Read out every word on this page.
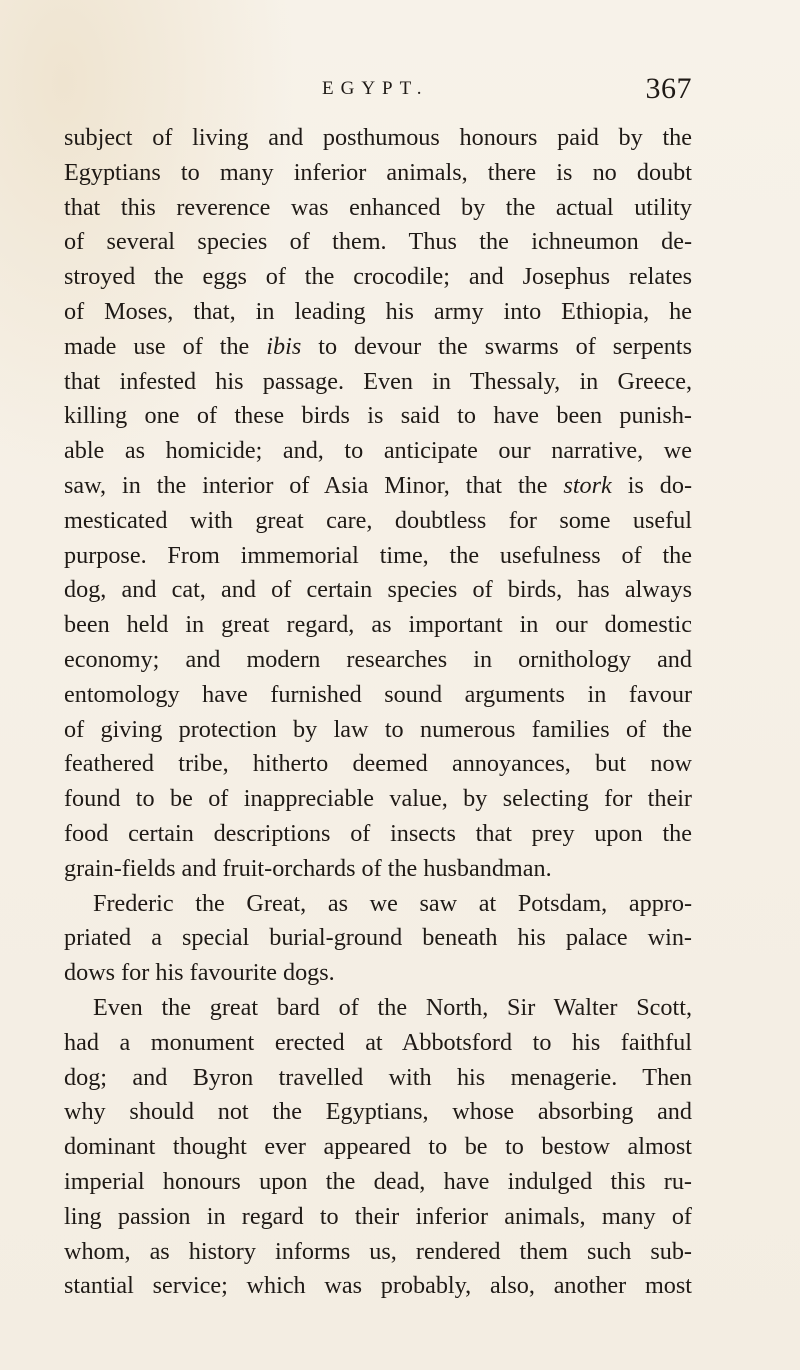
EGYPT.	367
subject of living and posthumous honours paid by the
Egyptians to many inferior animals, there is no doubt
that this reverence was enhanced by the actual utility
of several species of them. Thus the ichneumon de-
stroyed the eggs of the crocodile; and Josephus relates
of Moses, that, in leading his army into Ethiopia, he
made use of the ibis to devour the swarms of serpents
that infested his passage. Even in Thessaly, in Greece,
killing one of these birds is said to have been punish-
able as homicide; and, to anticipate our narrative, we
saw, in the interior of Asia Minor, that the stork is do-
mesticated with great care, doubtless for some useful
purpose. From immemorial time, the usefulness of the
dog, and cat, and of certain species of birds, has always
been held in great regard, as important in our domestic
economy; and modern researches in ornithology and
entomology have furnished sound arguments in favour
of giving protection by law to numerous families of the
feathered tribe, hitherto deemed annoyances, but now
found to be of inappreciable value, by selecting for their
food certain descriptions of insects that prey upon the
grain-fields and fruit-orchards of the husbandman.
Frederic the Great, as we saw at Potsdam, appro-
priated a special burial-ground beneath his palace win-
dows for his favourite dogs.
Even the great bard of the North, Sir Walter Scott,
had a monument erected at Abbotsford to his faithful
dog; and Byron travelled with his menagerie. Then
why should not the Egyptians, whose absorbing and
dominant thought ever appeared to be to bestow almost
imperial honours upon the dead, have indulged this ru-
ling passion in regard to their inferior animals, many of
whom, as history informs us, rendered them such sub-
stantial service; which was probably, also, another most
